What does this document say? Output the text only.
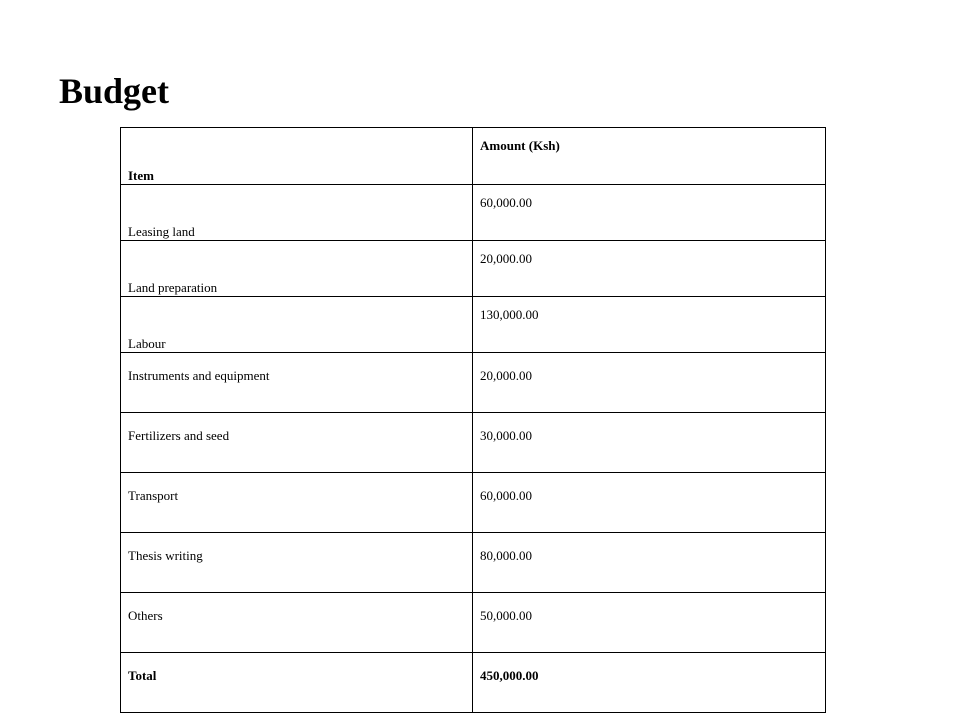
Budget
Item	Amount (Ksh)

Leasing land	60,000.00

Land preparation	20,000.00

Labour	130,000.00
Instruments and equipment	20,000.00
Fertilizers and seed	30,000.00
Transport	60,000.00
Thesis writing	80,000.00
Others	50,000.00
Total	450,000.00
